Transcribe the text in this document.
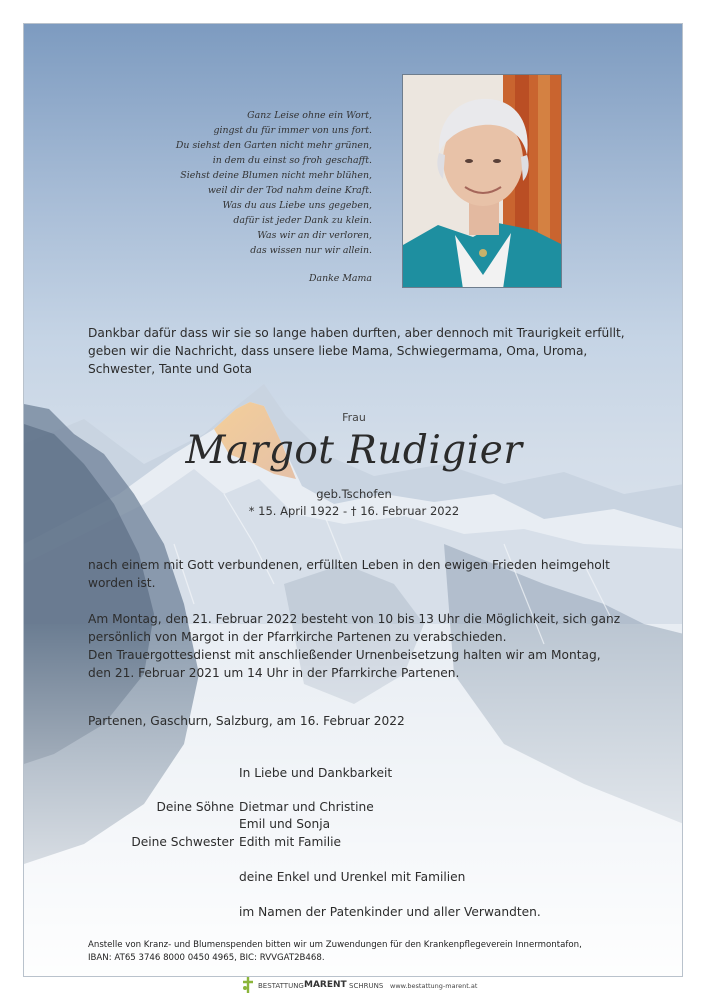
Ganz Leise ohne ein Wort,
gingst du für immer von uns fort.
Du siehst den Garten nicht mehr grünen,
in dem du einst so froh geschafft.
Siehst deine Blumen nicht mehr blühen,
weil dir der Tod nahm deine Kraft.
Was du aus Liebe uns gegeben,
dafür ist jeder Dank zu klein.
Was wir an dir verloren,
das wissen nur wir allein.
Danke Mama
Dankbar dafür dass wir sie so lange haben durften, aber dennoch mit Traurigkeit erfüllt, geben wir die Nachricht, dass unsere liebe Mama, Schwiegermama, Oma, Uroma, Schwester, Tante und Gota
Frau
Margot Rudigier
geb.Tschofen
* 15. April 1922 - † 16. Februar 2022
nach einem mit Gott verbundenen, erfüllten Leben in den ewigen Frieden heimgeholt worden ist.
Am Montag, den 21. Februar 2022 besteht von 10 bis 13 Uhr die Möglichkeit, sich ganz
persönlich von Margot in der Pfarrkirche Partenen zu verabschieden.
Den Trauergottesdienst mit anschließender Urnenbeisetzung halten wir am Montag,
den 21. Februar 2021 um 14 Uhr in der Pfarrkirche Partenen.
Partenen, Gaschurn, Salzburg, am 16. Februar 2022
In Liebe und Dankbarkeit
Deine Söhne Dietmar und Christine
Emil und Sonja
Deine Schwester Edith mit Familie
deine Enkel und Urenkel mit Familien
im Namen der Patenkinder und aller Verwandten.
Anstelle von Kranz- und Blumenspenden bitten wir um Zuwendungen für den Krankenpflegeverein Innermontafon,
IBAN: AT65 3746 8000 0450 4965, BIC: RVVGAT2B468.
BESTATTUNG MARENT SCHRUNS www.bestattung-marent.at
